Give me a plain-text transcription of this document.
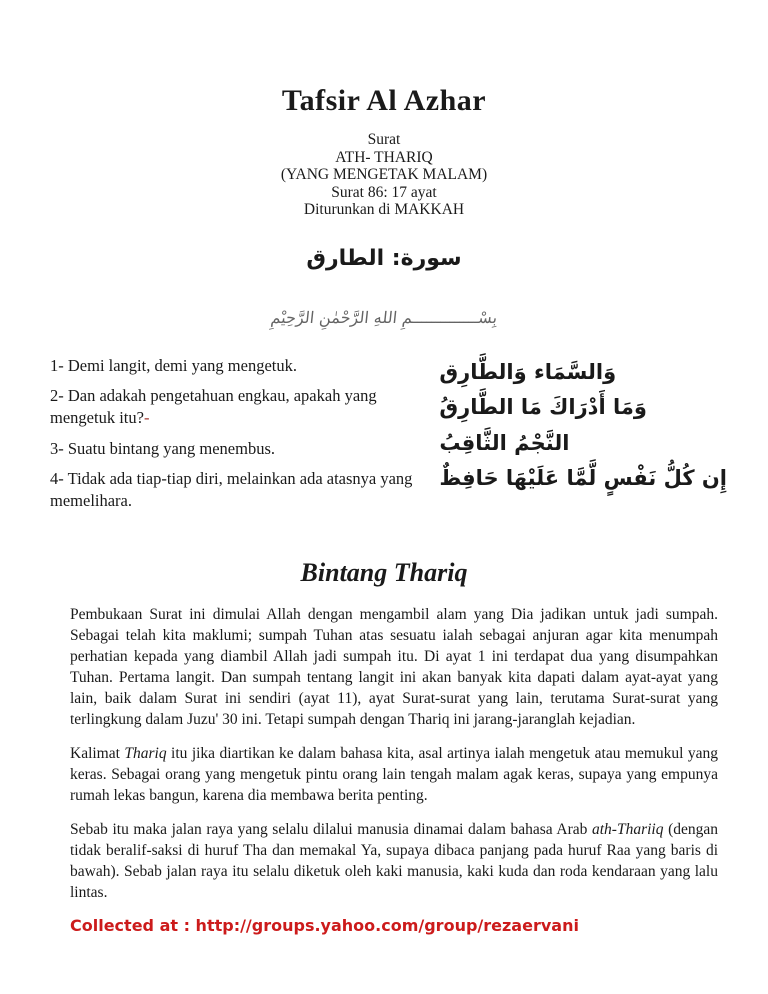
Tafsir Al Azhar
Surat
ATH- THARIQ
(YANG MENGETAK MALAM)
Surat 86: 17 ayat
Diturunkan di MAKKAH
سورة: الطارق
بِسْــــــــــــــمِ اللهِ الرَّحْمٰنِ الرَّحِيْمِ

1- Demi langit, demi yang mengetuk.

2- Dan adakah pengetahuan engkau, apakah yang mengetuk itu?-

3- Suatu bintang yang menembus.

4- Tidak ada tiap-tiap diri, melainkan ada atasnya yang memelihara.

وَالسَّمَاء وَالطَّارِق
وَمَا أَدْرَاكَ مَا الطَّارِقُ
النَّجْمُ الثَّاقِبُ
إِن كُلُّ نَفْسٍ لَّمَّا عَلَيْهَا حَافِظٌ
Bintang Thariq

Pembukaan Surat ini dimulai Allah dengan mengambil alam yang Dia jadikan untuk jadi sumpah. Sebagai telah kita maklumi; sumpah Tuhan atas sesuatu ialah sebagai anjuran agar kita menumpah perhatian kepada yang diambil Allah jadi sumpah itu. Di ayat 1 ini terdapat dua yang disumpahkan Tuhan. Pertama langit. Dan sumpah tentang langit ini akan banyak kita dapati dalam ayat-ayat yang lain, baik dalam Surat ini sendiri (ayat 11), ayat Surat-surat yang lain, terutama Surat-surat yang terlingkung dalam Juzu' 30 ini. Tetapi sumpah dengan Thariq ini jarang-jaranglah kejadian.

Kalimat Thariq itu jika diartikan ke dalam bahasa kita, asal artinya ialah mengetuk atau memukul yang keras. Sebagai orang yang mengetuk pintu orang lain tengah malam agak keras, supaya yang empunya rumah lekas bangun, karena dia membawa berita penting.

Sebab itu maka jalan raya yang selalu dilalui manusia dinamai dalam bahasa Arab ath-Thariiq (dengan tidak beralif-saksi di huruf Tha dan memakal Ya, supaya dibaca panjang pada huruf Raa yang baris di bawah). Sebab jalan raya itu selalu diketuk oleh kaki manusia, kaki kuda dan roda kendaraan yang lalu lintas.

Collected at : http://groups.yahoo.com/group/rezaervani
